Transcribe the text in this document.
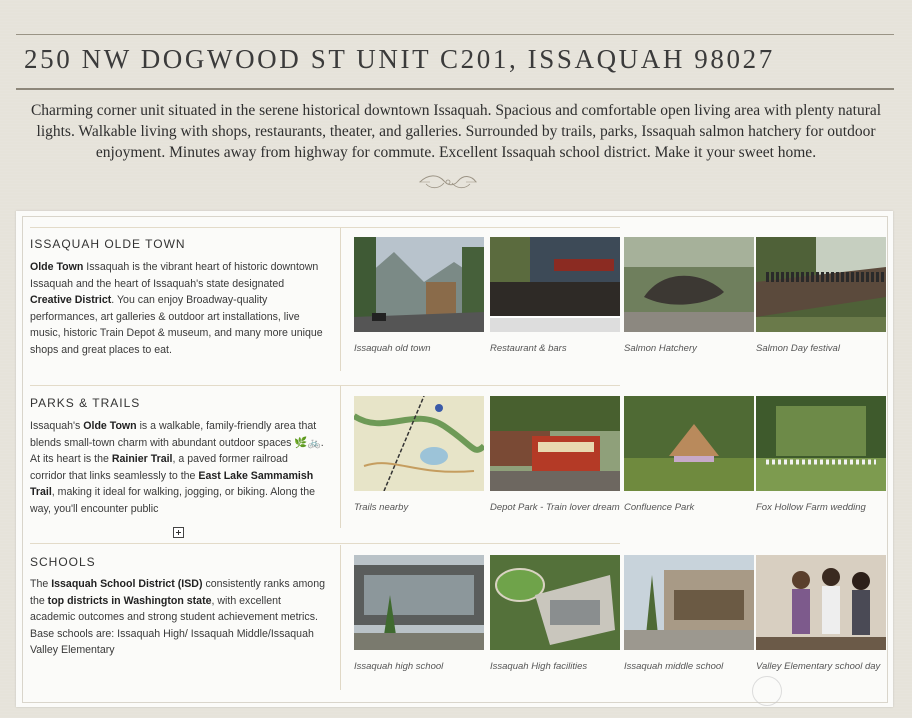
250 NW DOGWOOD ST UNIT C201, ISSAQUAH 98027

Charming corner unit situated in the serene historical downtown Issaquah. Spacious and comfortable open living area with plenty natural lights. Walkable living with shops, restaurants, theater, and galleries. Surrounded by trails, parks, Issaquah salmon hatchery for outdoor enjoyment. Minutes away from highway for commute. Excellent Issaquah school district. Make it your sweet home.

ISSAQUAH OLDE TOWN

Olde Town Issaquah is the vibrant heart of historic downtown Issaquah and the heart of Issaquah's state designated Creative District. You can enjoy Broadway-quality performances, art galleries & outdoor art installations, live music, historic Train Depot & museum, and many more unique shops and great places to eat.

PARKS & TRAILS

Issaquah's Olde Town is a walkable, family-friendly area that blends small-town charm with abundant outdoor spaces 🌿🚲. At its heart is the Rainier Trail, a paved former railroad corridor that links seamlessly to the East Lake Sammamish Trail, making it ideal for walking, jogging, or biking. Along the way, you'll encounter public

SCHOOLS

The Issaquah School District (ISD) consistently ranks among the top districts in Washington state, with excellent academic outcomes and strong student achievement metrics. Base schools are: Issaquah High/ Issaquah Middle/Issaquah Valley Elementary

Issaquah old town	Restaurant & bars	Salmon Hatchery	Salmon Day festival

Trails nearby	Depot Park - Train lover dream Confluence Park	Fox Hollow Farm wedding

Issaquah high school	Issaquah High facilities	Issaquah middle school	Valley Elementary school day
